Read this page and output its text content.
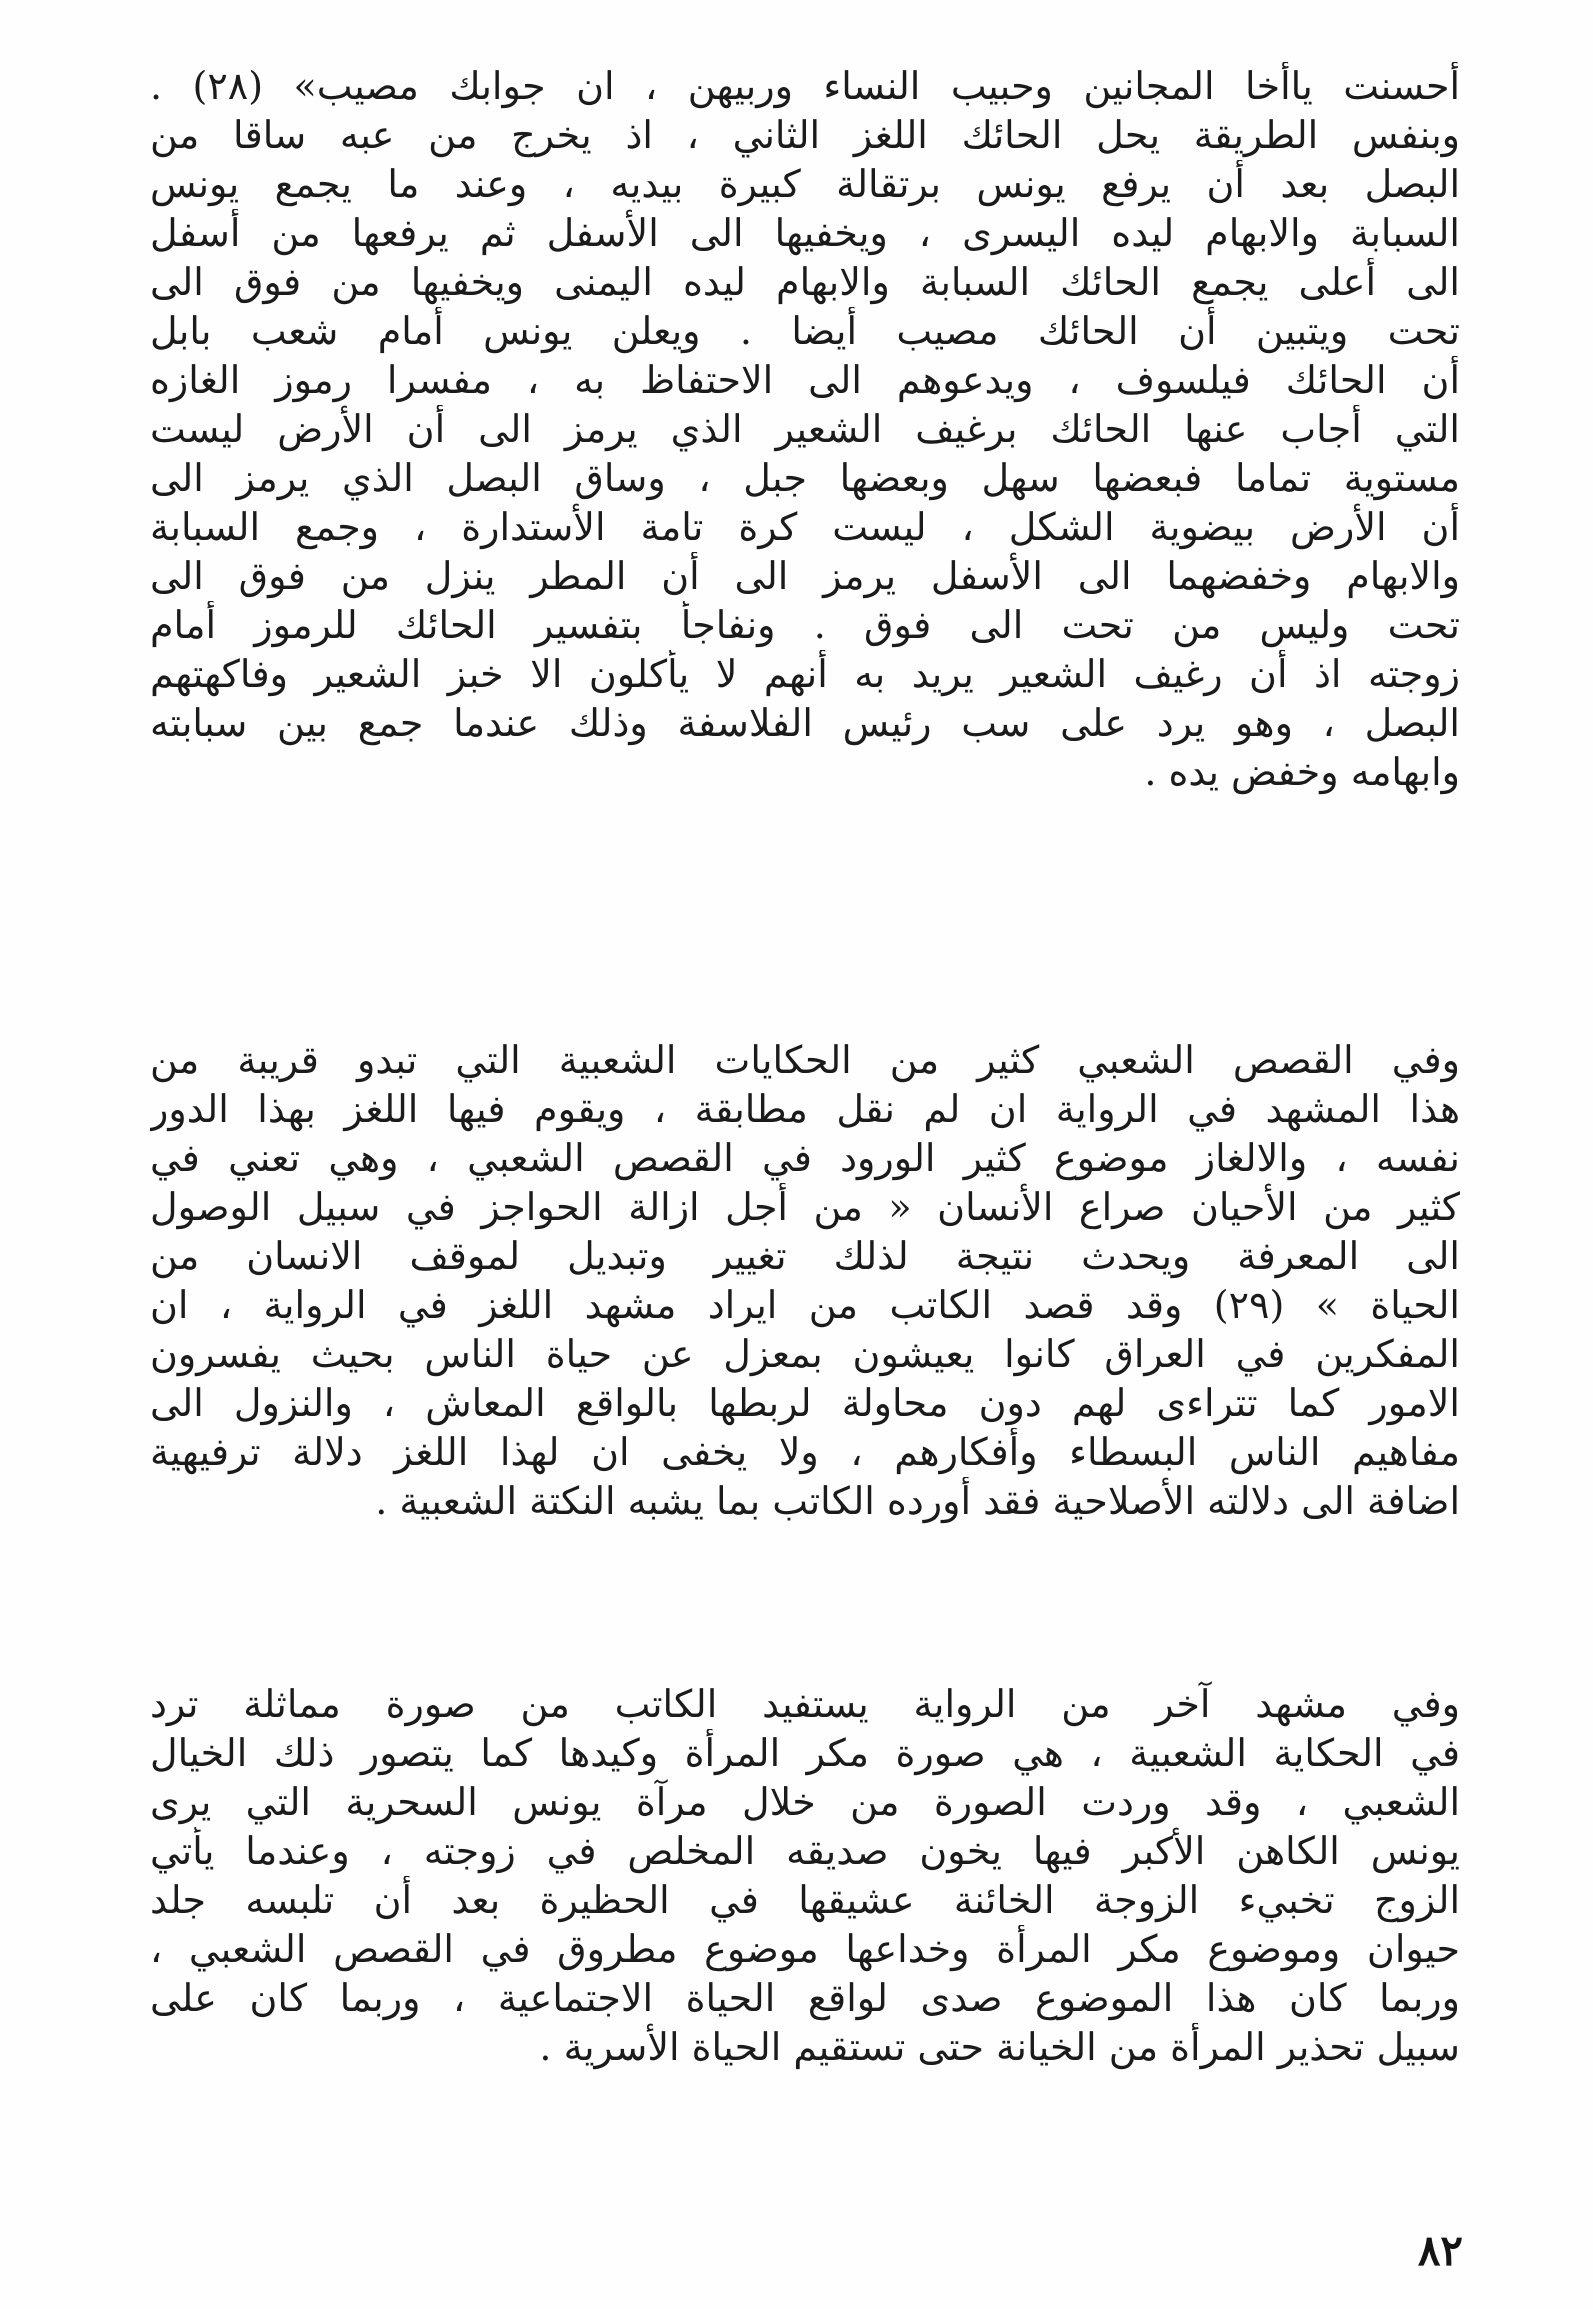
أحسنت ياأخا المجانين وحبيب النساء وربيهن ، ان جوابك مصيب» (٢٨) .
وبنفس الطريقة يحل الحائك اللغز الثاني ، اذ يخرج من عبه ساقا من
البصل بعد أن يرفع يونس برتقالة كبيرة بيديه ، وعند ما يجمع يونس
السبابة والابهام ليده اليسرى ، ويخفيها الى الأسفل ثم يرفعها من أسفل
الى أعلى يجمع الحائك السبابة والابهام ليده اليمنى ويخفيها من فوق الى
تحت ويتبين أن الحائك مصيب أيضا . ويعلن يونس أمام شعب بابل
أن الحائك فيلسوف ، ويدعوهم الى الاحتفاظ به ، مفسرا رموز الغازه
التي أجاب عنها الحائك برغيف الشعير الذي يرمز الى أن الأرض ليست
مستوية تماما فبعضها سهل وبعضها جبل ، وساق البصل الذي يرمز الى
أن الأرض بيضوية الشكل ، ليست كرة تامة الأستدارة ، وجمع السبابة
والابهام وخفضهما الى الأسفل يرمز الى أن المطر ينزل من فوق الى
تحت وليس من تحت الى فوق . ونفاجأ بتفسير الحائك للرموز أمام
زوجته اذ أن رغيف الشعير يريد به أنهم لا يأكلون الا خبز الشعير وفاكهتهم
البصل ، وهو يرد على سب رئيس الفلاسفة وذلك عندما جمع بين سبابته
وابهامه وخفض يده .
وفي القصص الشعبي كثير من الحكايات الشعبية التي تبدو قريبة من
هذا المشهد في الرواية ان لم نقل مطابقة ، ويقوم فيها اللغز بهذا الدور
نفسه ، والالغاز موضوع كثير الورود في القصص الشعبي ، وهي تعني في
كثير من الأحيان صراع الأنسان « من أجل ازالة الحواجز في سبيل الوصول
الى المعرفة ويحدث نتيجة لذلك تغيير وتبديل لموقف الانسان من
الحياة » (٢٩) وقد قصد الكاتب من ايراد مشهد اللغز في الرواية ، ان
المفكرين في العراق كانوا يعيشون بمعزل عن حياة الناس بحيث يفسرون
الامور كما تتراءى لهم دون محاولة لربطها بالواقع المعاش ، والنزول الى
مفاهيم الناس البسطاء وأفكارهم ، ولا يخفى ان لهذا اللغز دلالة ترفيهية
اضافة الى دلالته الأصلاحية فقد أورده الكاتب بما يشبه النكتة الشعبية .
وفي مشهد آخر من الرواية يستفيد الكاتب من صورة مماثلة ترد
في الحكاية الشعبية ، هي صورة مكر المرأة وكيدها كما يتصور ذلك الخيال
الشعبي ، وقد وردت الصورة من خلال مرآة يونس السحرية التي يرى
يونس الكاهن الأكبر فيها يخون صديقه المخلص في زوجته ، وعندما يأتي
الزوج تخبيء الزوجة الخائنة عشيقها في الحظيرة بعد أن تلبسه جلد
حيوان وموضوع مكر المرأة وخداعها موضوع مطروق في القصص الشعبي ،
وربما كان هذا الموضوع صدى لواقع الحياة الاجتماعية ، وربما كان على
سبيل تحذير المرأة من الخيانة حتى تستقيم الحياة الأسرية .
٨٢
